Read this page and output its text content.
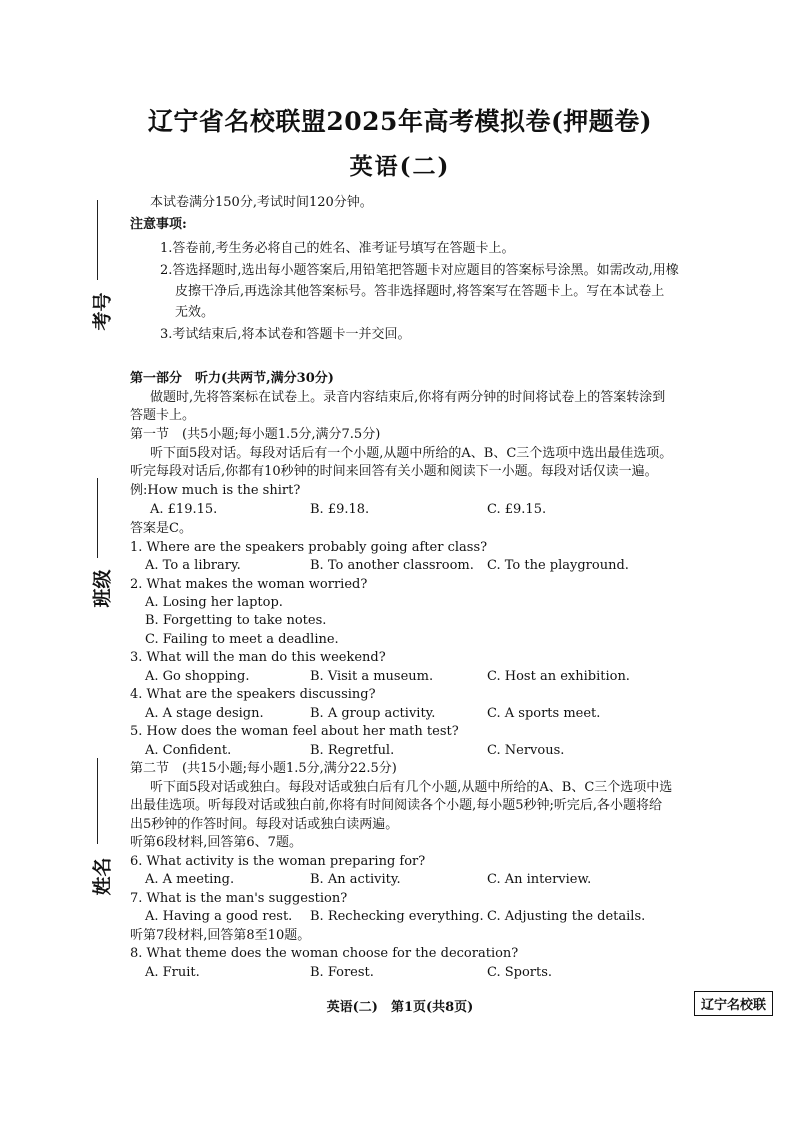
辽宁省名校联盟2025年高考模拟卷(押题卷)
英语(二)
考号
班级
姓名
本试卷满分150分,考试时间120分钟。
注意事项:
1.答卷前,考生务必将自己的姓名、准考证号填写在答题卡上。
2.答选择题时,选出每小题答案后,用铅笔把答题卡对应题目的答案标号涂黑。如需改动,用橡
皮擦干净后,再选涂其他答案标号。答非选择题时,将答案写在答题卡上。写在本试卷上
无效。
3.考试结束后,将本试卷和答题卡一并交回。
第一部分　听力(共两节,满分30分)
做题时,先将答案标在试卷上。录音内容结束后,你将有两分钟的时间将试卷上的答案转涂到
答题卡上。
第一节　(共5小题;每小题1.5分,满分7.5分)
听下面5段对话。每段对话后有一个小题,从题中所给的A、B、C三个选项中选出最佳选项。
听完每段对话后,你都有10秒钟的时间来回答有关小题和阅读下一小题。每段对话仅读一遍。
例:How much is the shirt?
A. £19.15.	B. £9.18.	C. £9.15.
答案是C。
1. Where are the speakers probably going after class?
A. To a library.	B. To another classroom. C. To the playground.
2. What makes the woman worried?
A. Losing her laptop.
B. Forgetting to take notes.
C. Failing to meet a deadline.
3. What will the man do this weekend?
A. Go shopping.	B. Visit a museum.	C. Host an exhibition.
4. What are the speakers discussing?
A. A stage design.	B. A group activity.	C. A sports meet.
5. How does the woman feel about her math test?
A. Confident.	B. Regretful.	C. Nervous.
第二节　(共15小题;每小题1.5分,满分22.5分)
听下面5段对话或独白。每段对话或独白后有几个小题,从题中所给的A、B、C三个选项中选
出最佳选项。听每段对话或独白前,你将有时间阅读各个小题,每小题5秒钟;听完后,各小题将给
出5秒钟的作答时间。每段对话或独白读两遍。
听第6段材料,回答第6、7题。
6. What activity is the woman preparing for?
A. A meeting.	B. An activity.	C. An interview.
7. What is the man's suggestion?
A. Having a good rest. B. Rechecking everything. C. Adjusting the details.
听第7段材料,回答第8至10题。
8. What theme does the woman choose for the decoration?
A. Fruit.	B. Forest.	C. Sports.
英语(二)　第1页(共8页)	辽宁名校联
